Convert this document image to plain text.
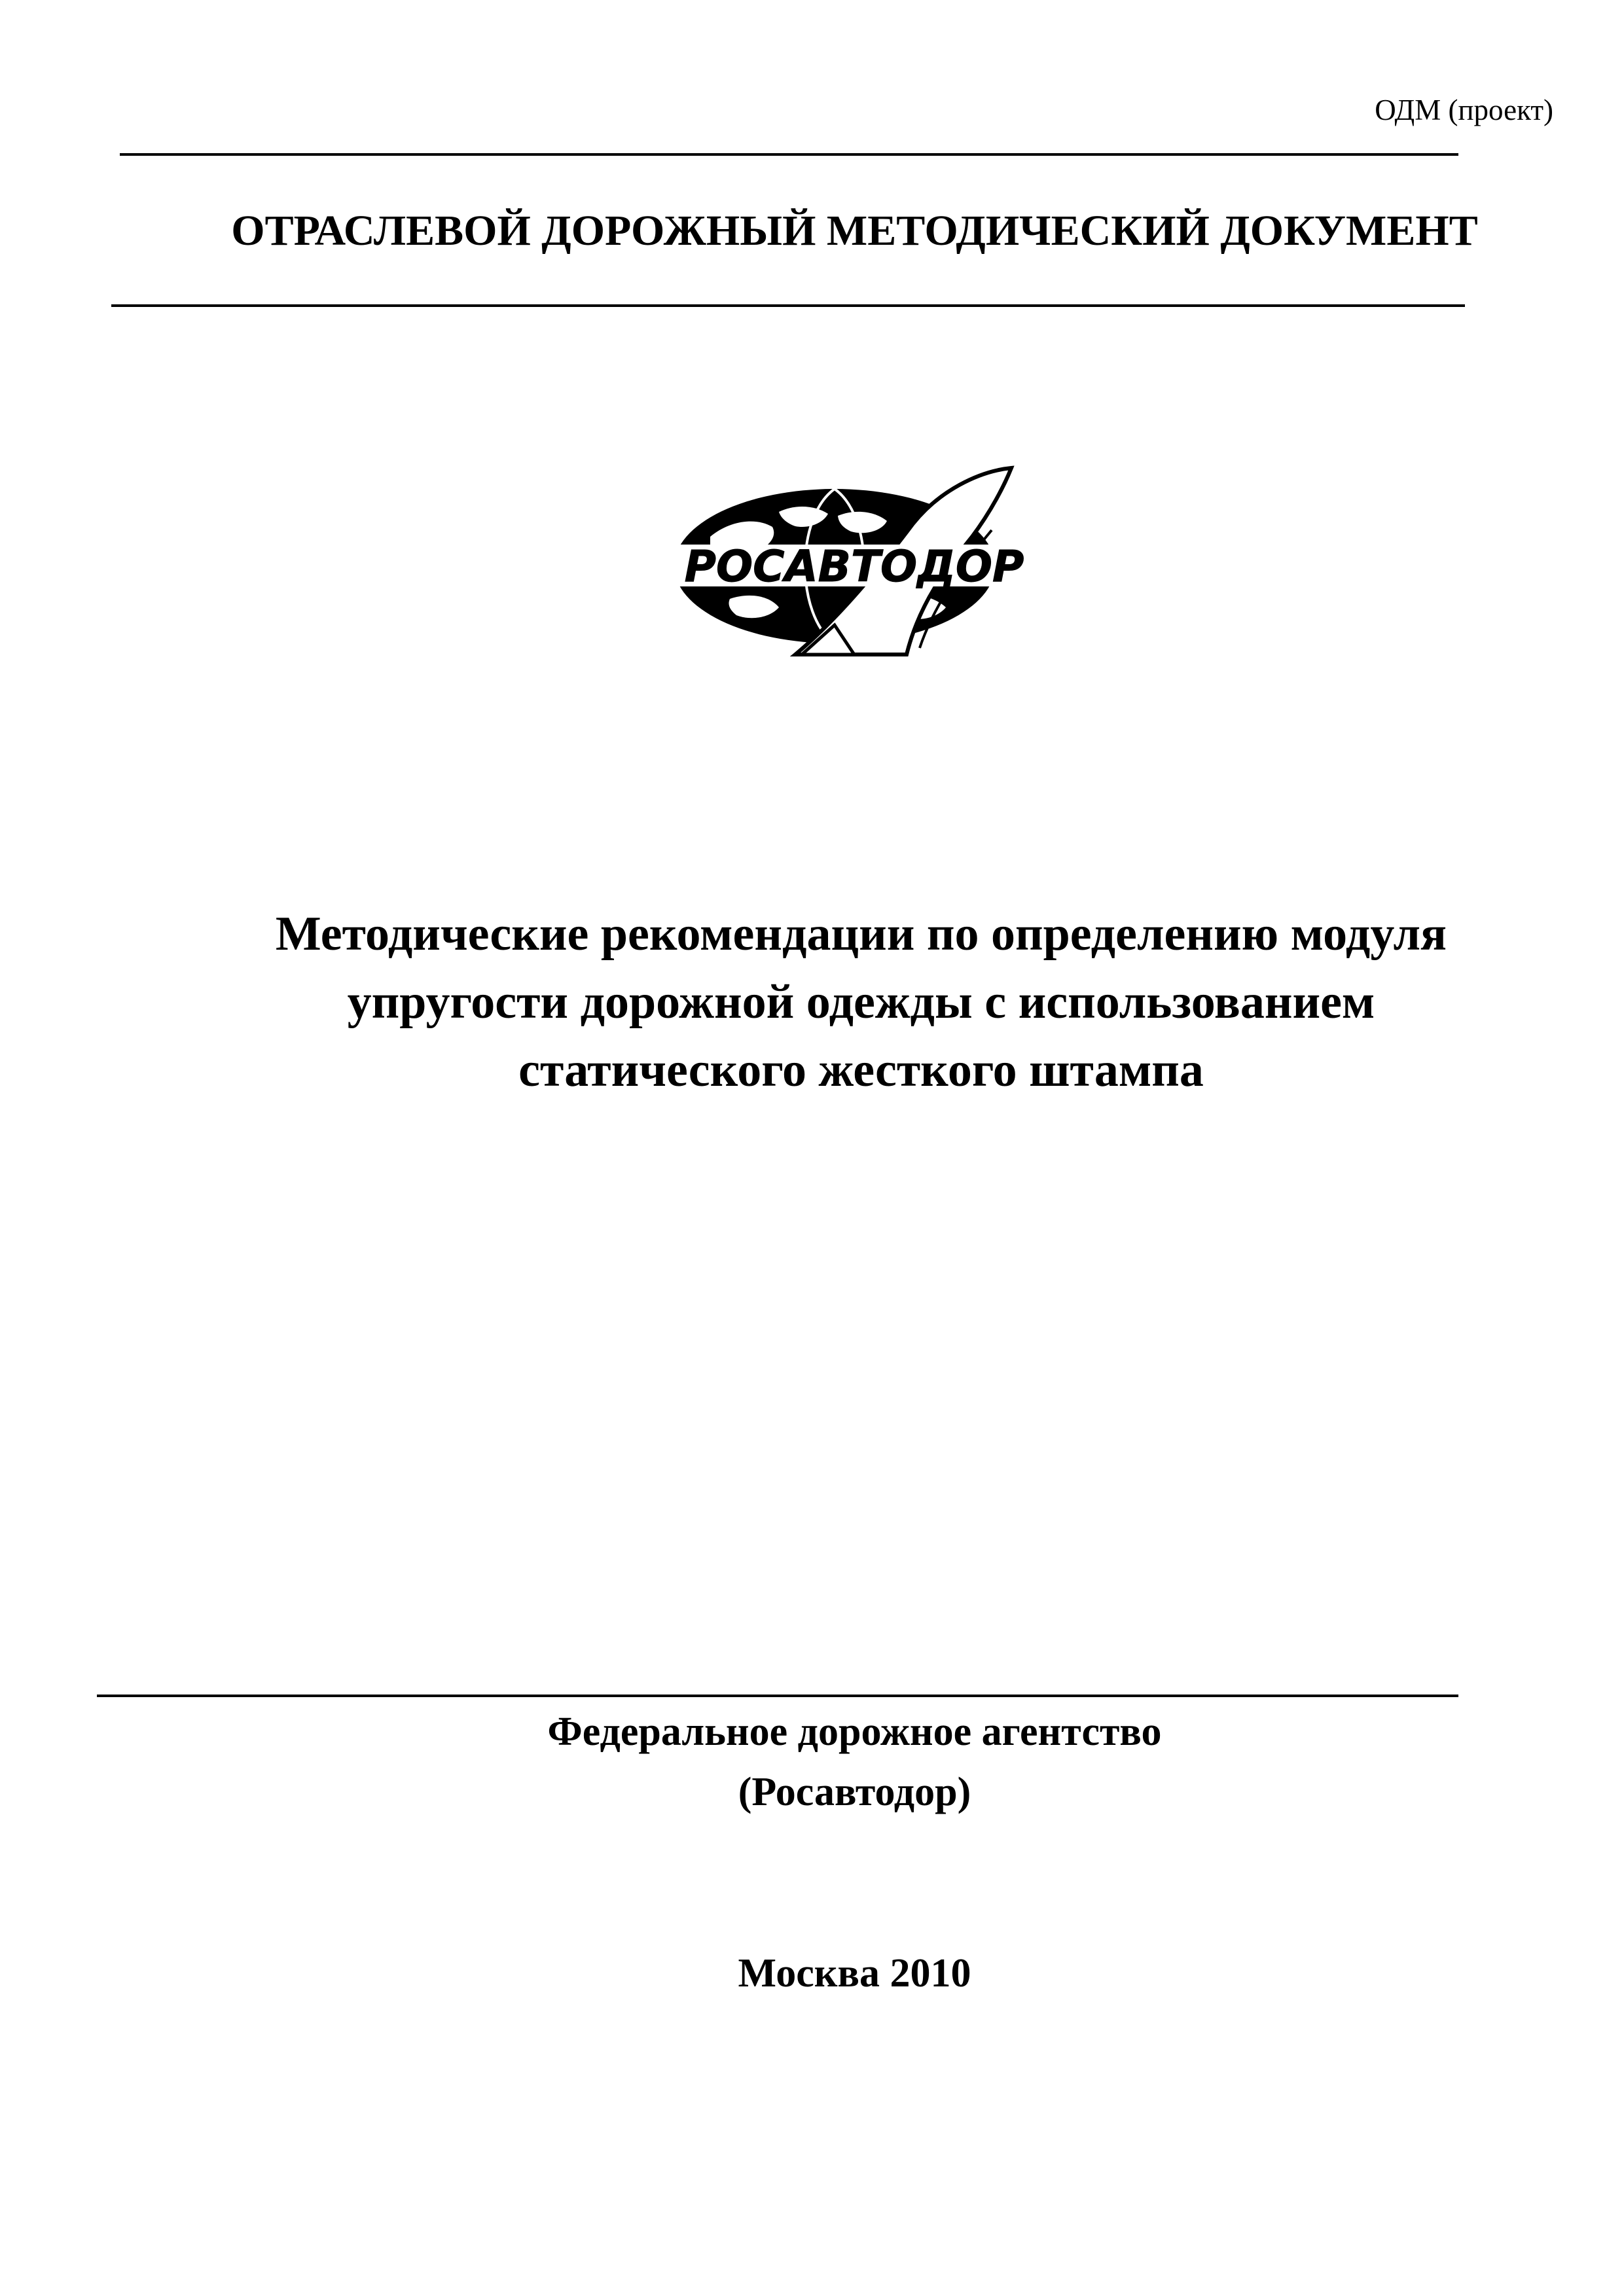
ОДМ (проект)
ОТРАСЛЕВОЙ ДОРОЖНЫЙ МЕТОДИЧЕСКИЙ ДОКУМЕНТ
РОСАВТОДОР
Методические рекомендации по определению модуля
упругости дорожной одежды с использованием
статического жесткого штампа
Федеральное дорожное агентство
(Росавтодор)
Москва 2010
